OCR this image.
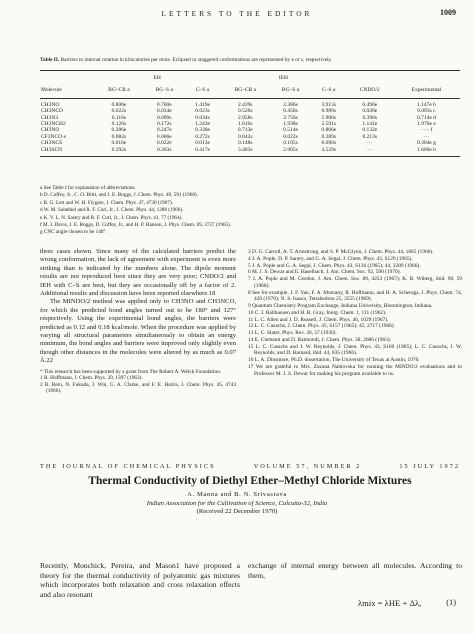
LETTERS TO THE EDITOR	1009
Table II. Barriers to internal rotation in kilocalories per mole. Eclipsed or staggered conformations are represented by e or s, respectively.
	EH			IEH				
Molecule	BG–CR a	BG–S a	C–S a	BG–CR a	BG–S a	C–S a	CNDO/2	Experimental
CH3NO	0.806e	0.760e	1.419e	2.439s	2.386s	3.913s	0.490e	1.147e b
CH3NCO	0.022s	0.034e	0.023s	0.526s	0.458s	0.989s	0.028e	0.083s c
CH3N3	0.116s	0.089s	0.034s	2.958s	2.756s	5.900s	0.390s	0.714e d
CH3NCH2	0.126s	0.172s	1.243e	1.610s	1.938s	2.591s	1.141e	1.970e e
CH3NO	0.286e	0.247e	0.330e	0.713e	0.514e	0.866e	0.132e	····· f
CF3NCO e	0.082s	0.066e	0.272s	0.042s	0.022s	0.389s	0.213s	···
CH3NCS	0.016e	0.022e	0.013e	0.148s	0.105s	0.690s	···	0.304e g
CH3SCN	0.292s	0.283s	0.417e	3.483s	2.905s	4.529s	···	1.600e h
a See Table I for explanation of abbreviations.
b D. Coffey, Jr., C. O. Britt, and J. E. Boggs, J. Chem. Phys. 49, 591 (1968).
c R. G. Lett and W. H. Flygare, J. Chem. Phys. 47, 4730 (1967).
d W. M. Salathiel and R. F. Curl, Jr., J. Chem. Phys. 44, 1288 (1966).
e K. V. L. N. Sastry and R. F. Curl, Jr., J. Chem. Phys. 41, 77 (1964).
f M. I. Davis, J. E. Boggs, D. Coffey, Jr., and H. P. Hanson, J. Phys. Chem. 69, 3727 (1965).
g CNC angle chosen to be 140°.
three cases shown. Since many of the calculated barriers predict the wrong conformation, the lack of agreement with experiment is even more striking than is indicated by the numbers alone. The dipole moment results are not reproduced here since they are very poor; CNDO/2 and IEH with C–S are best, but they are occasionally off by a factor of 2. Additional results and discussion have been reported elsewhere.18
The MINDO/2 method was applied only to CH3NO and CH3NCO, for which the predicted bond angles turned out to be 180° and 127° respectively. Using the experimental bond angles, the barriers were predicted as 0.12 and 0.18 kcal/mole. When the procedure was applied by varying all structural parameters simultaneously to obtain an energy minimum, the bond angles and barriers were improved only slightly even though other distances in the molecules were altered by as much as 0.07 Å.22
* This research has been supported by a grant from The Robert A. Welch Foundation.
1 R. Hoffmann, J. Chem. Phys. 39, 1397 (1963).
2 R. Rein, N. Fukuda, J. Win, G. A. Clarke, and F. E. Harris, J. Chem. Phys. 45, 4743 (1966).
3 D. G. Carroll, A. T. Armstrong, and S. P. McGlynn, J. Chem. Phys. 44, 1865 (1966).
4 J. A. Pople, D. P. Santry, and G. A. Segal, J. Chem. Phys. 43, S129 (1965).
5 J. A. Pople and G. A. Segal, J. Chem. Phys. 43, S136 (1965); 44, 3289 (1966).
6 M. J. S. Dewar and E. Haselbach, J. Am. Chem. Soc. 92, 590 (1970).
7 J. A. Pople and M. Gordon, J. Am. Chem. Soc. 89, 4253 (1967); K. B. Wiberg, ibid. 90, 59 (1968).
8 See for example, J. F. Yan, F. A. Momany, R. Hoffmann, and H. A. Scheraga, J. Phys. Chem. 74, 420 (1970); N. S. Isaacs, Tetrahedron 25, 3555 (1969).
9 Quantum Chemistry Program Exchange, Indiana University, Bloomington, Indiana.
10 C. J. Ballhausen and H. B. Gray, Inorg. Chem. 1, 111 (1962).
11 L. C. Allen and J. D. Russell, J. Chem. Phys. 46, 1029 (1967).
12 L. C. Cusachs, J. Chem. Phys. 43, S157 (1965); 45, 2717 (1966).
13 L. C. Slater, Phys. Rev. 36, 57 (1930).
14 E. Clementi and D. Raimondi, J. Chem. Phys. 38, 2686 (1963).
15 L. C. Cusachs and J. W. Reynolds, J. Chem. Phys. 43, S160 (1965); L. C. Cusachs, J. W. Reynolds, and D. Barnard, ibid. 44, 835 (1966).
16 L. A. Dinsmore, Ph.D. dissertation, The University of Texas at Austin, 1970.
17 We are grateful to Mrs. Zuzana Nahlovska for running the MINDO/2 evaluations and to Professor M. J. S. Dewar for making his program available to us.
THE JOURNAL OF CHEMICAL PHYSICS	VOLUME 57, NUMBER 2	15 JULY 1972
Thermal Conductivity of Diethyl Ether–Methyl Chloride Mixtures
A. Manna and B. N. Srivastava
Indian Association for the Cultivation of Science, Calcutta-32, India
(Received 22 December 1970)
Recently, Monchick, Pereira, and Mason1 have proposed a theory for the thermal conductivity of polyatomic gas mixtures which incorporates both relaxation and cross relaxation effects and also resonant
exchange of internal energy between all molecules. According to them,
λmix = λHE + Δλ,	(1)
